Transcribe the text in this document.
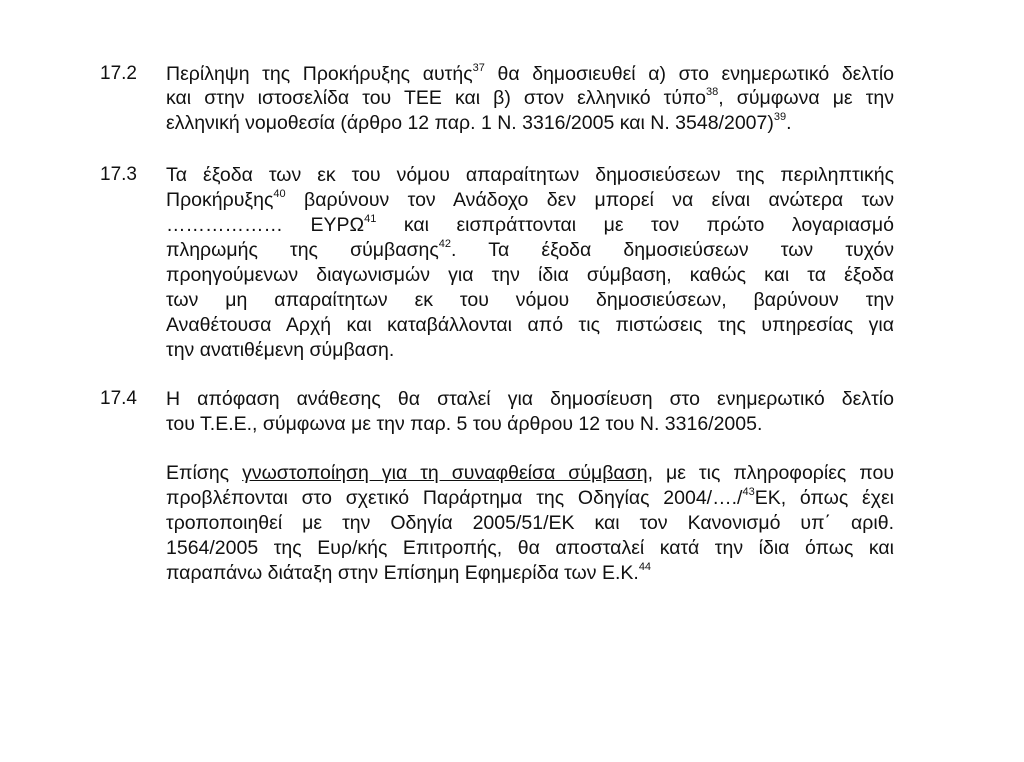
17.2 Περίληψη της Προκήρυξης αυτής$^{37}$ θα δημοσιευθεί α) στο ενημερωτικό δελτίο
και στην ιστοσελίδα του ΤΕΕ και β) στον ελληνικό τύπο$^{38}$, σύμφωνα με την
ελληνική νομοθεσία (άρθρο 12 παρ. 1 Ν. 3316/2005 και Ν. 3548/2007)$^{39}$.
17.3 Τα έξοδα των εκ του νόμου απαραίτητων δημοσιεύσεων της περιληπτικής
Προκήρυξης$^{40}$ βαρύνουν τον Ανάδοχο δεν μπορεί να είναι ανώτερα των
……………… ΕΥΡΩ$^{41}$ και εισπράττονται με τον πρώτο λογαριασμό
πληρωμής της σύμβασης$^{42}$. Τα έξοδα δημοσιεύσεων των τυχόν
προηγούμενων διαγωνισμών για την ίδια σύμβαση, καθώς και τα έξοδα
των μη απαραίτητων εκ του νόμου δημοσιεύσεων, βαρύνουν την
Αναθέτουσα Αρχή και καταβάλλονται από τις πιστώσεις της υπηρεσίας για
την ανατιθέμενη σύμβαση.
17.4 Η απόφαση ανάθεσης θα σταλεί για δημοσίευση στο ενημερωτικό δελτίο
του Τ.Ε.Ε., σύμφωνα με την παρ. 5 του άρθρου 12 του Ν. 3316/2005.
Επίσης γνωστοποίηση για τη συναφθείσα σύμβαση, με τις πληροφορίες που
προβλέπονται στο σχετικό Παράρτημα της Οδηγίας 2004/…./$^{43}$ΕΚ, όπως έχει
τροποποιηθεί με την Οδηγία 2005/51/ΕΚ και τον Κανονισμό υπ΄ αριθ.
1564/2005 της Ευρ/κής Επιτροπής, θα αποσταλεί κατά την ίδια όπως και
παραπάνω διάταξη στην Επίσημη Εφημερίδα των Ε.Κ.$^{44}$
